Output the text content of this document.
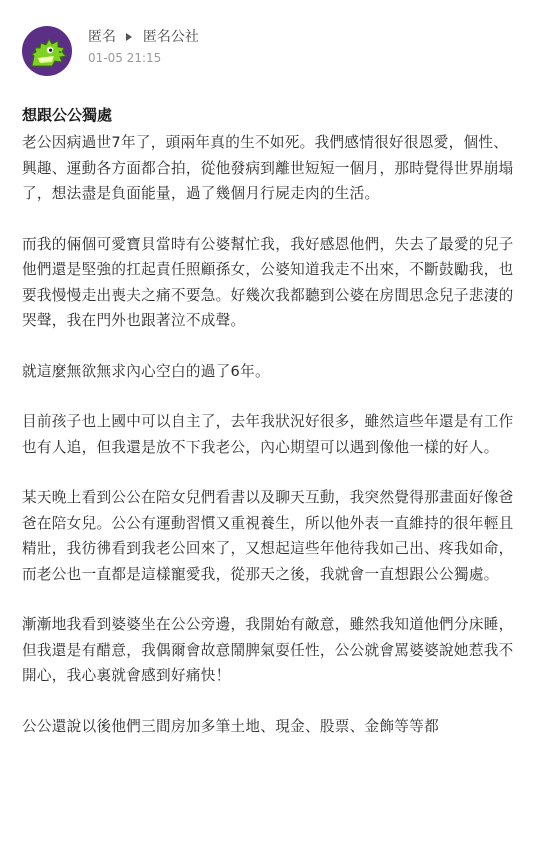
匿名 匿名公社
01-05 21:15
想跟公公獨處

老公因病過世7年了，頭兩年真的生不如死。我們感情很好很恩愛，個性、興趣、運動各方面都合拍，從他發病到離世短短一個月，那時覺得世界崩塌了，想法盡是負面能量，過了幾個月行屍走肉的生活。

而我的倆個可愛寶貝當時有公婆幫忙我，我好感恩他們，失去了最愛的兒子他們還是堅強的扛起責任照顧孫女，公婆知道我走不出來，不斷鼓勵我，也要我慢慢走出喪夫之痛不要急。好幾次我都聽到公婆在房間思念兒子悲淒的哭聲，我在門外也跟著泣不成聲。

就這麼無欲無求內心空白的過了6年。

目前孩子也上國中可以自主了，去年我狀況好很多，雖然這些年還是有工作也有人追，但我還是放不下我老公，內心期望可以遇到像他一樣的好人。

某天晚上看到公公在陪女兒們看書以及聊天互動，我突然覺得那畫面好像爸爸在陪女兒。公公有運動習慣又重視養生，所以他外表一直維持的很年輕且精壯，我彷彿看到我老公回來了，又想起這些年他待我如己出、疼我如命，而老公也一直都是這樣寵愛我，從那天之後，我就會一直想跟公公獨處。

漸漸地我看到婆婆坐在公公旁邊，我開始有敵意，雖然我知道他們分床睡，但我還是有醋意，我偶爾會故意鬧脾氣耍任性，公公就會罵婆婆說她惹我不開心，我心裏就會感到好痛快！

公公還說以後他們三間房加多筆土地、現金、股票、金飾等等都
